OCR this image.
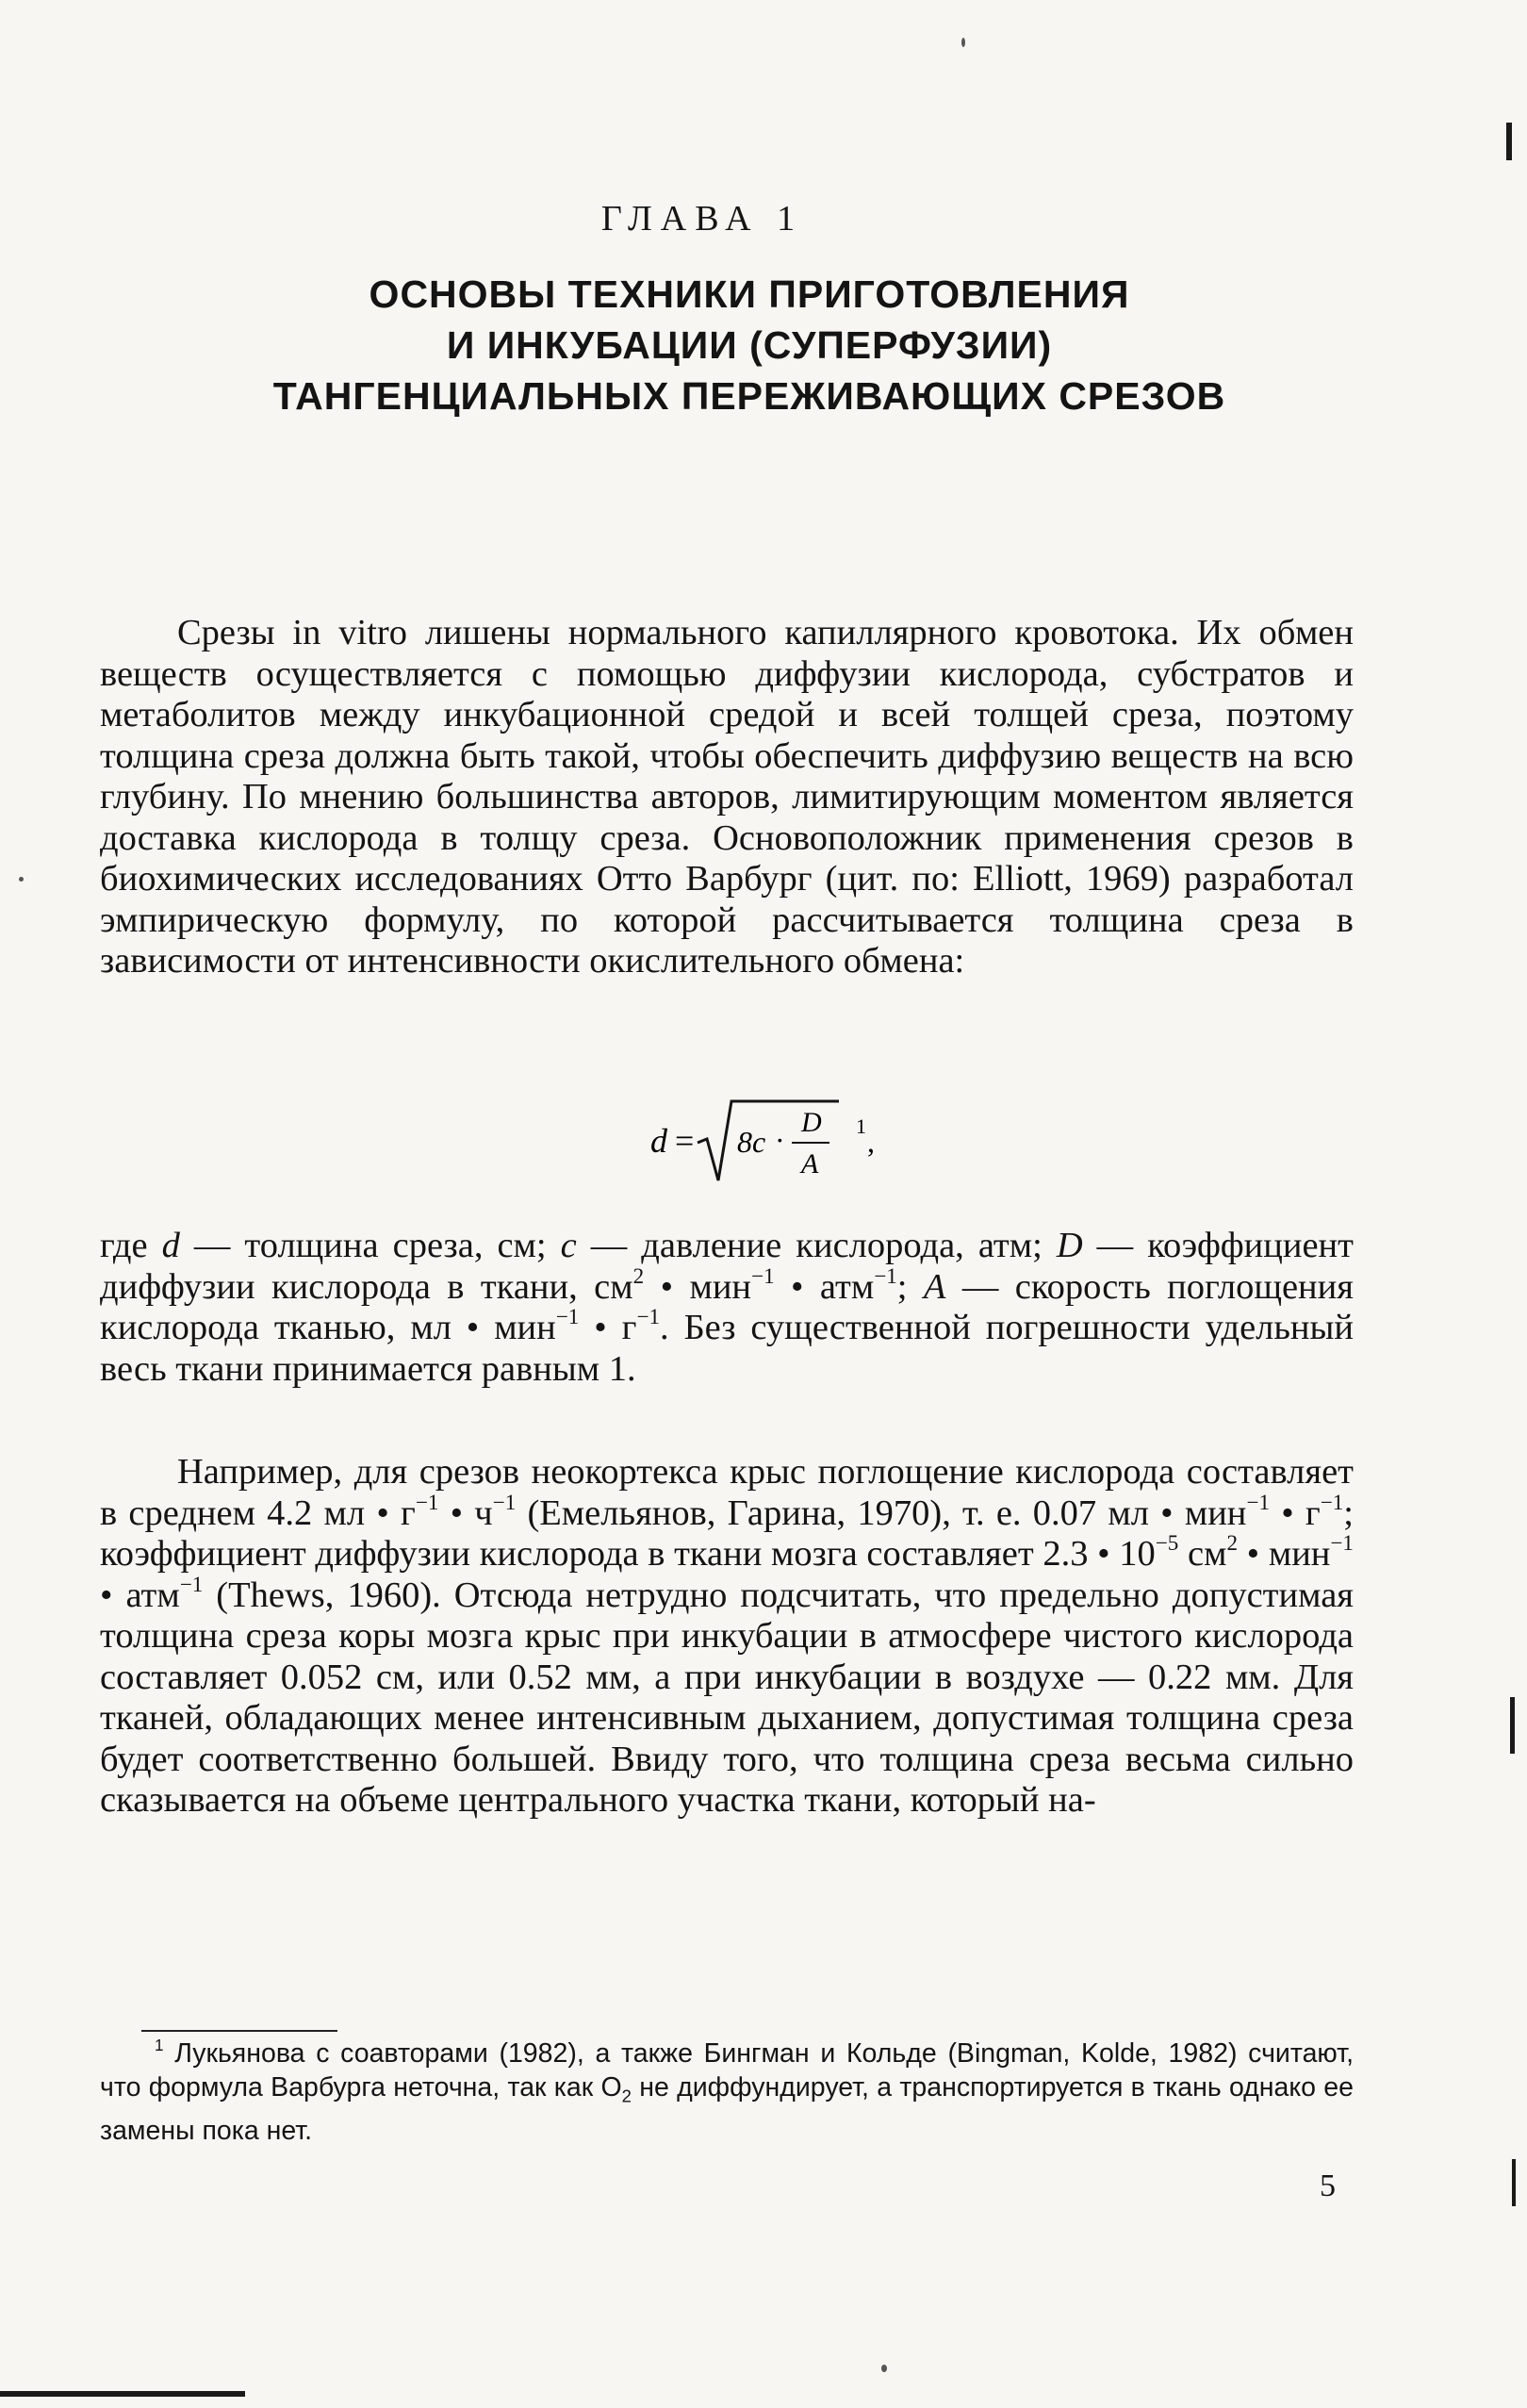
ГЛАВА 1
ОСНОВЫ ТЕХНИКИ ПРИГОТОВЛЕНИЯ
И ИНКУБАЦИИ (СУПЕРФУЗИИ)
ТАНГЕНЦИАЛЬНЫХ ПЕРЕЖИВАЮЩИХ СРЕЗОВ
Срезы in vitro лишены нормального капиллярного кровотока. Их обмен веществ осуществляется с помощью диффузии кислорода, субстратов и метаболитов между инкубационной средой и всей толщей среза, поэтому толщина среза должна быть такой, чтобы обеспечить диффузию веществ на всю глубину. По мнению большинства авторов, лимитирующим моментом является доставка кислорода в толщу среза. Основоположник применения срезов в биохимических исследованиях Отто Варбург (цит. по: Elliott, 1969) разработал эмпирическую формулу, по которой рассчитывается толщина среза в зависимости от интенсивности окислительного обмена:
d = 8c ·
D
A
1 ,
где d — толщина среза, см; c — давление кислорода, атм; D — коэффициент диффузии кислорода в ткани, $см^2$ • мин$^{-1}$ • атм$^{-1}$; A — скорость поглощения кислорода тканью, мл • мин$^{-1}$ • $г^{-1}$. Без существенной погрешности удельный весь ткани принимается равным 1.
Например, для срезов неокортекса крыс поглощение кислорода составляет в среднем 4.2 мл • $г^{-1}$ • $ч^{-1}$ (Емельянов, Гарина, 1970), т. е. 0.07 мл • мин$^{-1}$ • $г^{-1}$; коэффициент диффузии кислорода в ткани мозга составляет 2.3 • $10^{-5}$ $см^2$ • мин$^{-1}$ • атм$^{-1}$ (Thews, 1960). Отсюда нетрудно подсчитать, что предельно допустимая толщина среза коры мозга крыс при инкубации в атмосфере чистого кислорода составляет 0.052 см, или 0.52 мм, а при инкубации в воздухе — 0.22 мм. Для тканей, обладающих менее интенсивным дыханием, допустимая толщина среза будет соответственно большей. Ввиду того, что толщина среза весьма сильно сказывается на объеме центрального участка ткани, который на-
$^1$ Лукьянова с соавторами (1982), а также Бингман и Кольде (Bingman, Kolde, 1982) считают, что формула Варбурга неточна, так как $O_2$ не диффундирует, а транспортируется в ткань однако ее замены пока нет.
5
